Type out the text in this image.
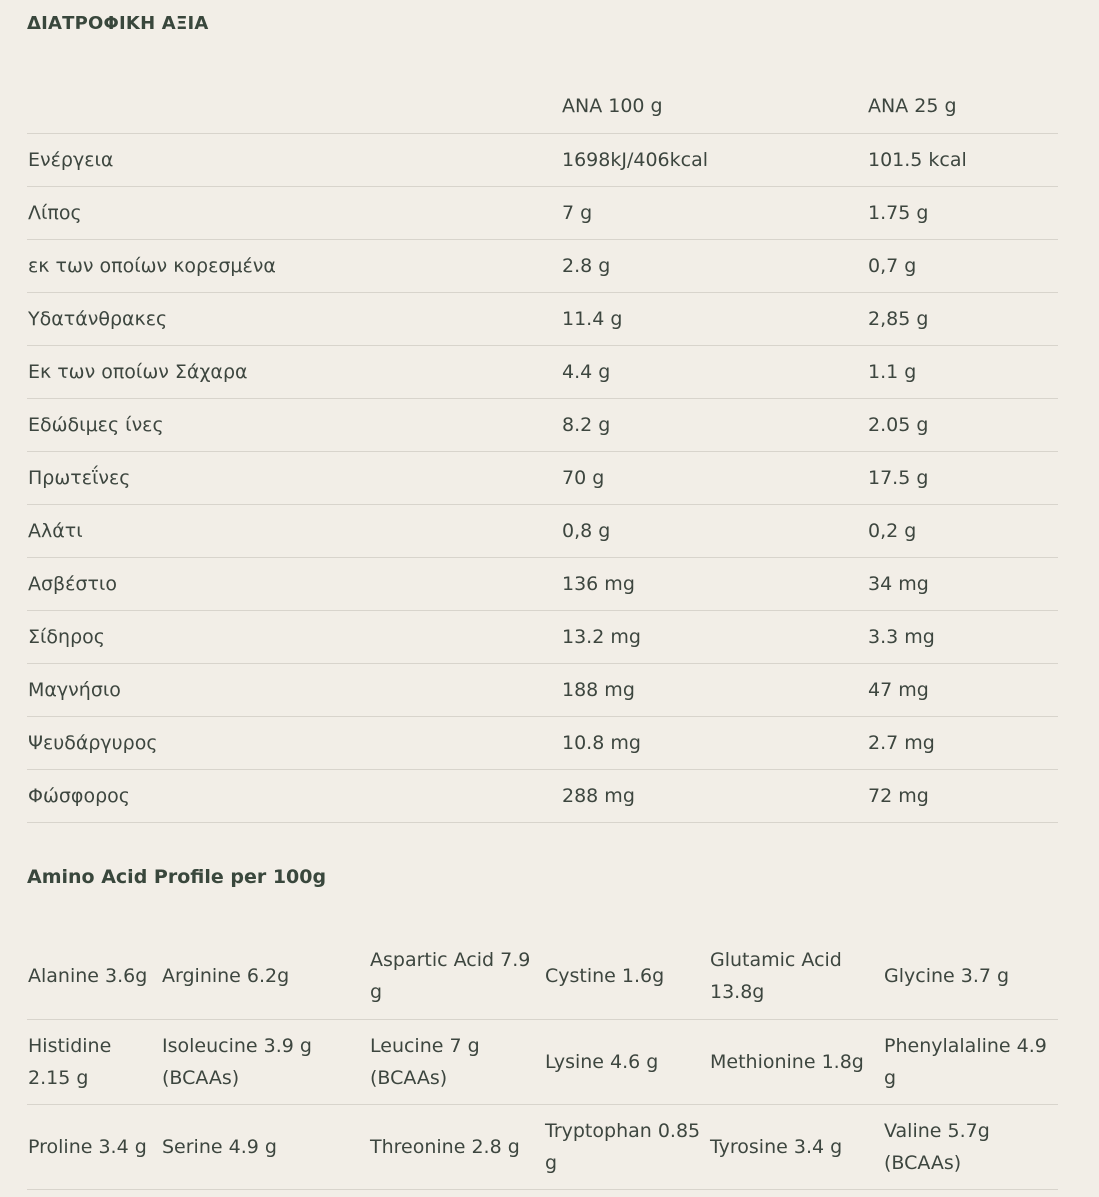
ΔΙΑΤΡΟΦΙΚΗ ΑΞΙΑ
	ΑΝΑ 100 g	ΑΝΑ 25 g
Ενέργεια	1698kJ/406kcal	101.5 kcal
Λίπος	7 g	1.75 g
εκ των οποίων κορεσμένα	2.8 g	0,7 g
Υδατάνθρακες	11.4 g	2,85 g
Εκ των οποίων Σάχαρα	4.4 g	1.1 g
Εδώδιμες ίνες	8.2 g	2.05 g
Πρωτεΐνες	70 g	17.5 g
Αλάτι	0,8 g	0,2 g
Ασβέστιο	136 mg	34 mg
Σίδηρος	13.2 mg	3.3 mg
Μαγνήσιο	188 mg	47 mg
Ψευδάργυρος	10.8 mg	2.7 mg
Φώσφορος	288 mg	72 mg
Amino Acid Profile per 100g
Alanine 3.6g	Arginine 6.2g	Aspartic Acid 7.9 g	Cystine 1.6g	Glutamic Acid 13.8g	Glycine 3.7 g
Histidine 2.15 g	Isoleucine 3.9 g (BCAAs)	Leucine 7 g (BCAAs)	Lysine 4.6 g	Methionine 1.8g	Phenylalaline 4.9 g
Proline 3.4 g	Serine 4.9 g	Threonine 2.8 g	Tryptophan 0.85 g	Tyrosine 3.4 g	Valine 5.7g (BCAAs)
